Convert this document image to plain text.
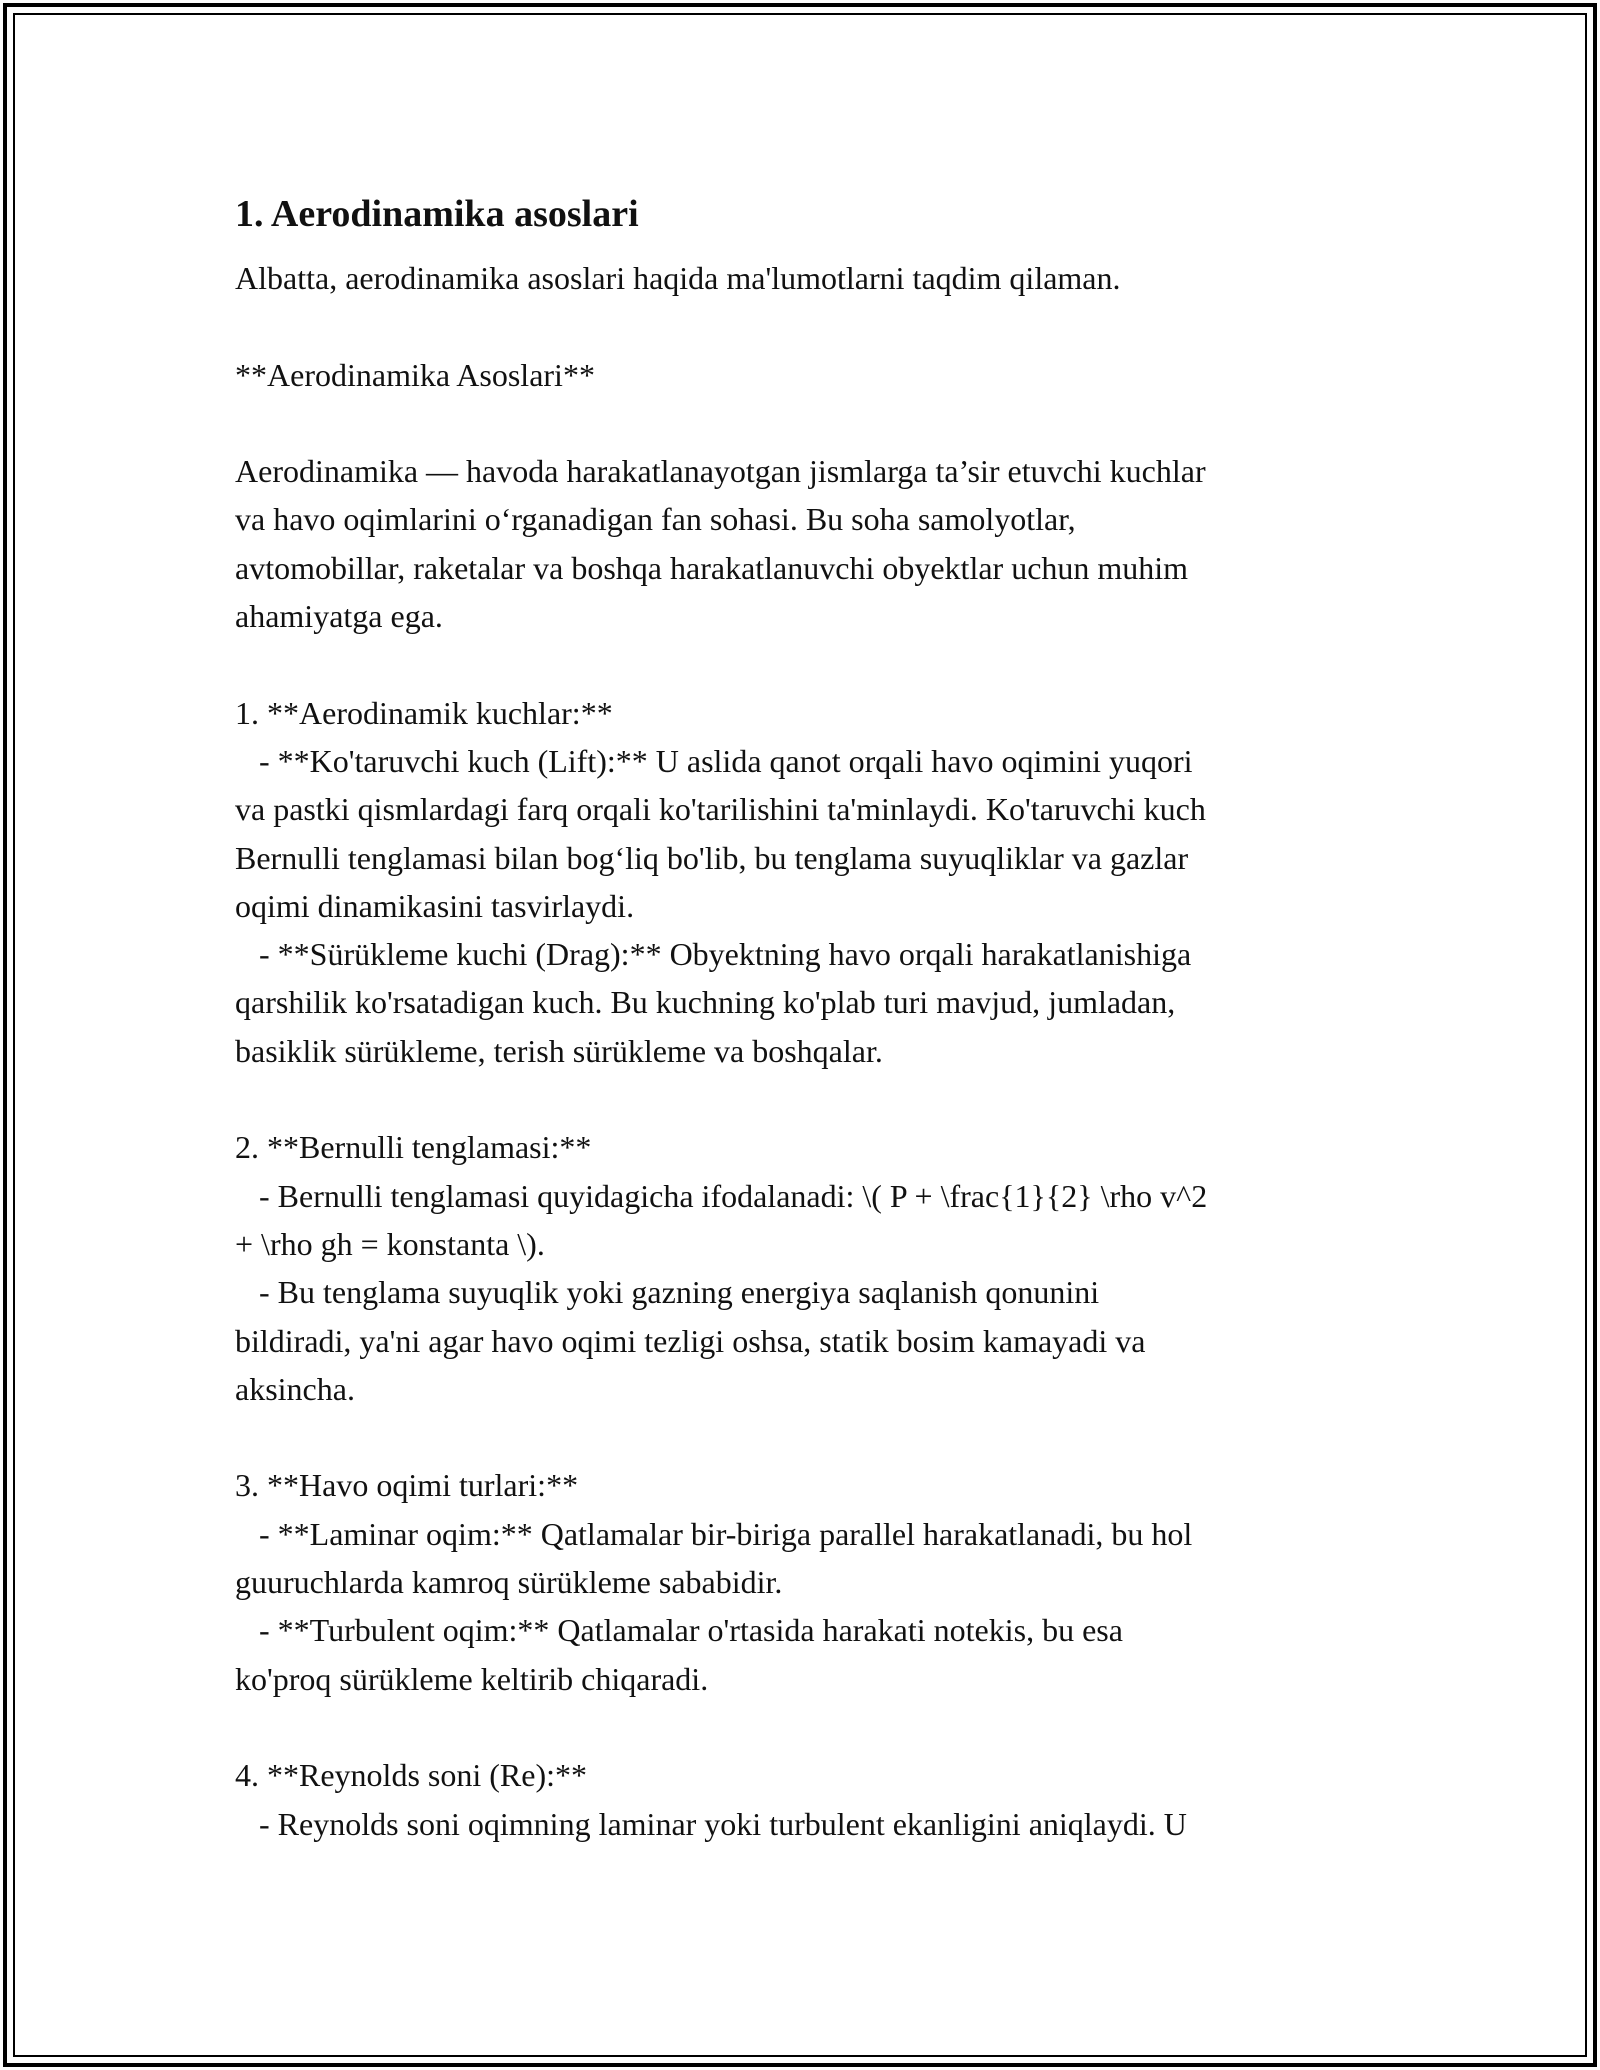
1. Aerodinamika asoslari

Albatta, aerodinamika asoslari haqida ma'lumotlarni taqdim qilaman.

**Aerodinamika Asoslari**

Aerodinamika — havoda harakatlanayotgan jismlarga ta’sir etuvchi kuchlar
va havo oqimlarini o‘rganadigan fan sohasi. Bu soha samolyotlar,
avtomobillar, raketalar va boshqa harakatlanuvchi obyektlar uchun muhim
ahamiyatga ega.

1. **Aerodinamik kuchlar:**
- **Ko'taruvchi kuch (Lift):** U aslida qanot orqali havo oqimini yuqori
va pastki qismlardagi farq orqali ko'tarilishini ta'minlaydi. Ko'taruvchi kuch
Bernulli tenglamasi bilan bog‘liq bo'lib, bu tenglama suyuqliklar va gazlar
oqimi dinamikasini tasvirlaydi.
- **Sürükleme kuchi (Drag):** Obyektning havo orqali harakatlanishiga
qarshilik ko'rsatadigan kuch. Bu kuchning ko'plab turi mavjud, jumladan,
basiklik sürükleme, terish sürükleme va boshqalar.

2. **Bernulli tenglamasi:**
- Bernulli tenglamasi quyidagicha ifodalanadi: \( P + \frac{1}{2} \rho v^2
+ \rho gh = konstanta \).
- Bu tenglama suyuqlik yoki gazning energiya saqlanish qonunini
bildiradi, ya'ni agar havo oqimi tezligi oshsa, statik bosim kamayadi va
aksincha.

3. **Havo oqimi turlari:**
- **Laminar oqim:** Qatlamalar bir-biriga parallel harakatlanadi, bu hol
guuruchlarda kamroq sürükleme sababidir.
- **Turbulent oqim:** Qatlamalar o'rtasida harakati notekis, bu esa
ko'proq sürükleme keltirib chiqaradi.

4. **Reynolds soni (Re):**
- Reynolds soni oqimning laminar yoki turbulent ekanligini aniqlaydi. U
